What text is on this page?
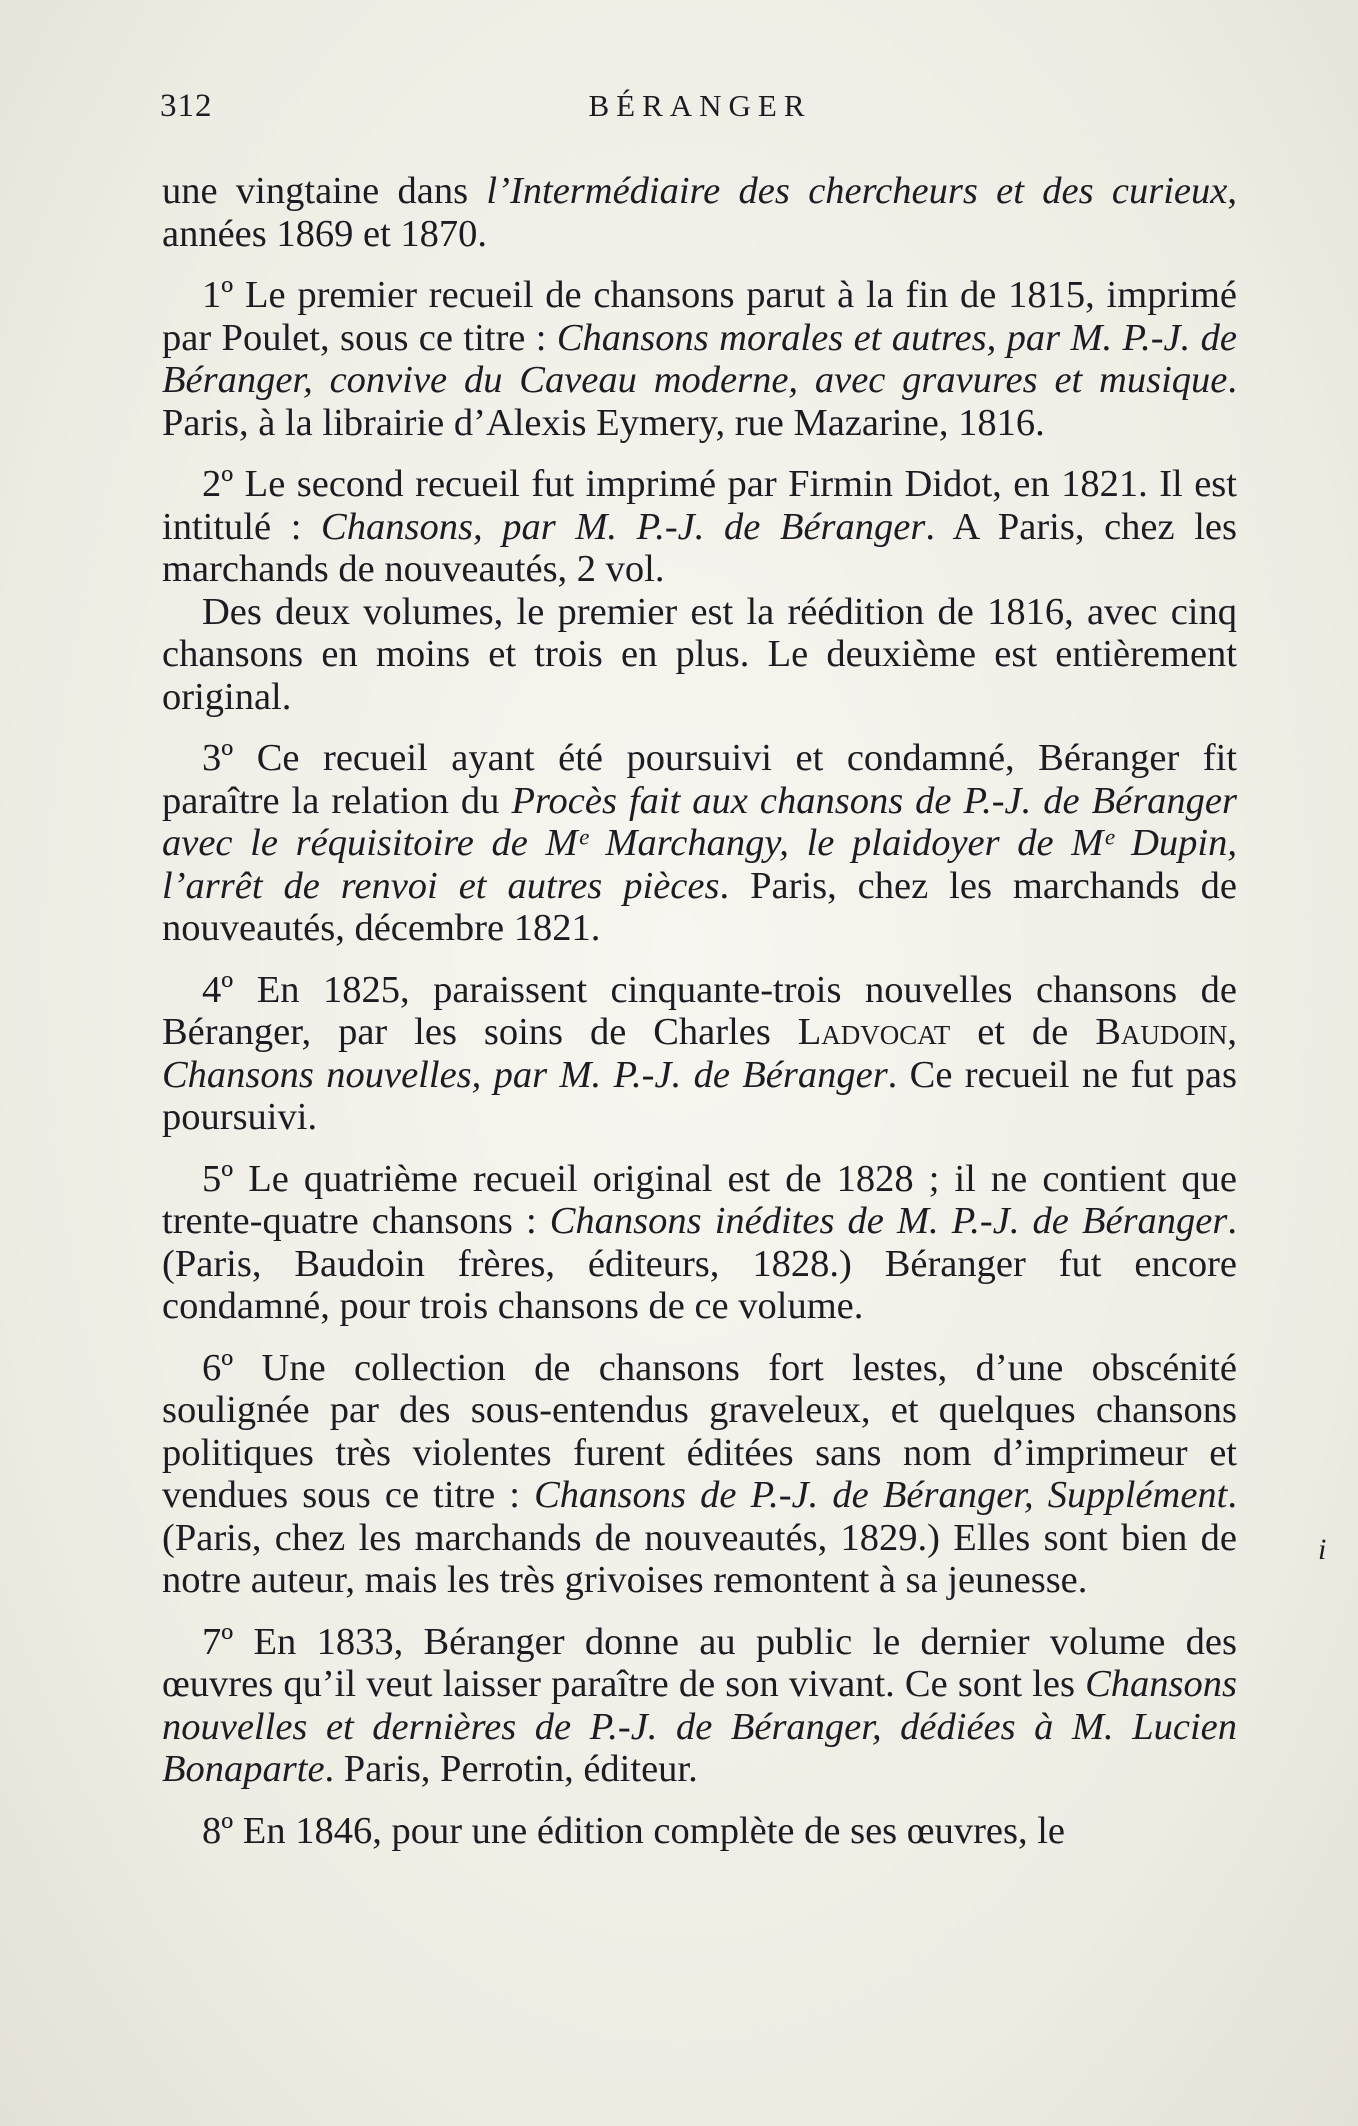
312	BÉRANGER

une vingtaine dans l’Intermédiaire des chercheurs et des curieux, années 1869 et 1870.

1º Le premier recueil de chansons parut à la fin de 1815, imprimé par Poulet, sous ce titre : Chansons morales et autres, par M. P.-J. de Béranger, convive du Caveau moderne, avec gravures et musique. Paris, à la librairie d’Alexis Eymery, rue Mazarine, 1816.

2º Le second recueil fut imprimé par Firmin Didot, en 1821. Il est intitulé : Chansons, par M. P.-J. de Béranger. A Paris, chez les marchands de nouveautés, 2 vol.

Des deux volumes, le premier est la réédition de 1816, avec cinq chansons en moins et trois en plus. Le deuxième est entièrement original.

3º Ce recueil ayant été poursuivi et condamné, Béranger fit paraître la relation du Procès fait aux chansons de P.-J. de Béranger avec le réquisitoire de Mᵉ Marchangy, le plaidoyer de Mᵉ Dupin, l’arrêt de renvoi et autres pièces. Paris, chez les marchands de nouveautés, décembre 1821.

4º En 1825, paraissent cinquante-trois nouvelles chansons de Béranger, par les soins de Charles Ladvocat et de Baudoin, Chansons nouvelles, par M. P.-J. de Béranger. Ce recueil ne fut pas poursuivi.

5º Le quatrième recueil original est de 1828 ; il ne contient que trente-quatre chansons : Chansons inédites de M. P.-J. de Béranger. (Paris, Baudoin frères, éditeurs, 1828.) Béranger fut encore condamné, pour trois chansons de ce volume.

6º Une collection de chansons fort lestes, d’une obscénité soulignée par des sous-entendus graveleux, et quelques chansons politiques très violentes furent éditées sans nom d’imprimeur et vendues sous ce titre : Chansons de P.-J. de Béranger, Supplément. (Paris, chez les marchands de nouveautés, 1829.) Elles sont bien de notre auteur, mais les très grivoises remontent à sa jeunesse.

7º En 1833, Béranger donne au public le dernier volume des œuvres qu’il veut laisser paraître de son vivant. Ce sont les Chansons nouvelles et dernières de P.-J. de Béranger, dédiées à M. Lucien Bonaparte. Paris, Perrotin, éditeur.

8º En 1846, pour une édition complète de ses œuvres, le

i
